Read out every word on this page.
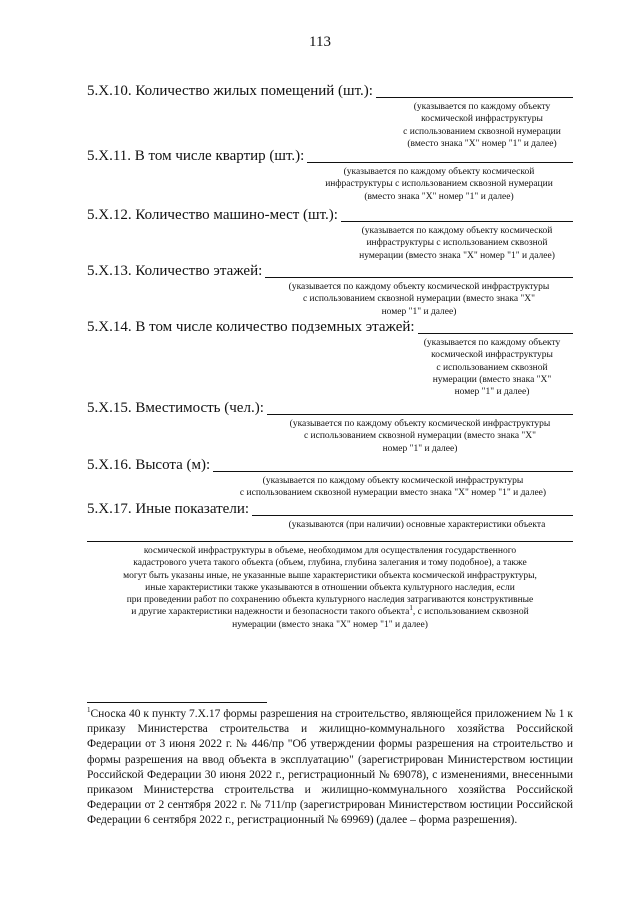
113
5.X.10. Количество жилых помещений (шт.):
(указывается по каждому объекту
космической инфраструктуры
с использованием сквозной нумерации
(вместо знака "X" номер "1" и далее)
5.X.11. В том числе квартир (шт.):
(указывается по каждому объекту космической
инфраструктуры с использованием сквозной нумерации
(вместо знака "X" номер "1" и далее)
5.X.12. Количество машино-мест (шт.):
(указывается по каждому объекту космической
инфраструктуры с использованием сквозной
нумерации (вместо знака "X" номер "1" и далее)
5.X.13. Количество этажей:
(указывается по каждому объекту космической инфраструктуры
с использованием сквозной нумерации (вместо знака "X"
номер "1" и далее)
5.X.14. В том числе количество подземных этажей:
(указывается по каждому объекту
космической инфраструктуры
с использованием сквозной
нумерации (вместо знака "X"
номер "1" и далее)
5.X.15. Вместимость (чел.):
(указывается по каждому объекту космической инфраструктуры
с использованием сквозной нумерации (вместо знака "X"
номер "1" и далее)
5.X.16. Высота (м):
(указывается по каждому объекту космической инфраструктуры
с использованием сквозной нумерации вместо знака "X" номер "1" и далее)
5.X.17. Иные показатели:
(указываются (при наличии) основные характеристики объекта
космической инфраструктуры в объеме, необходимом для осуществления государственного
кадастрового учета такого объекта (объем, глубина, глубина залегания и тому подобное), а также
могут быть указаны иные, не указанные выше характеристики объекта космической инфраструктуры,
иные характеристики также указываются в отношении объекта культурного наследия, если
при проведении работ по сохранению объекта культурного наследия затрагиваются конструктивные
и другие характеристики надежности и безопасности такого объекта$^1$, с использованием сквозной
нумерации (вместо знака "X" номер "1" и далее)
$^1$Сноска 40 к пункту 7.X.17 формы разрешения на строительство, являющейся приложением № 1 к приказу Министерства строительства и жилищно-коммунального хозяйства Российской Федерации от 3 июня 2022 г. № 446/пр "Об утверждении формы разрешения на строительство и формы разрешения на ввод объекта в эксплуатацию" (зарегистрирован Министерством юстиции Российской Федерации 30 июня 2022 г., регистрационный № 69078), с изменениями, внесенными приказом Министерства строительства и жилищно-коммунального хозяйства Российской Федерации от 2 сентября 2022 г. № 711/пр (зарегистрирован Министерством юстиции Российской Федерации 6 сентября 2022 г., регистрационный № 69969) (далее – форма разрешения).
